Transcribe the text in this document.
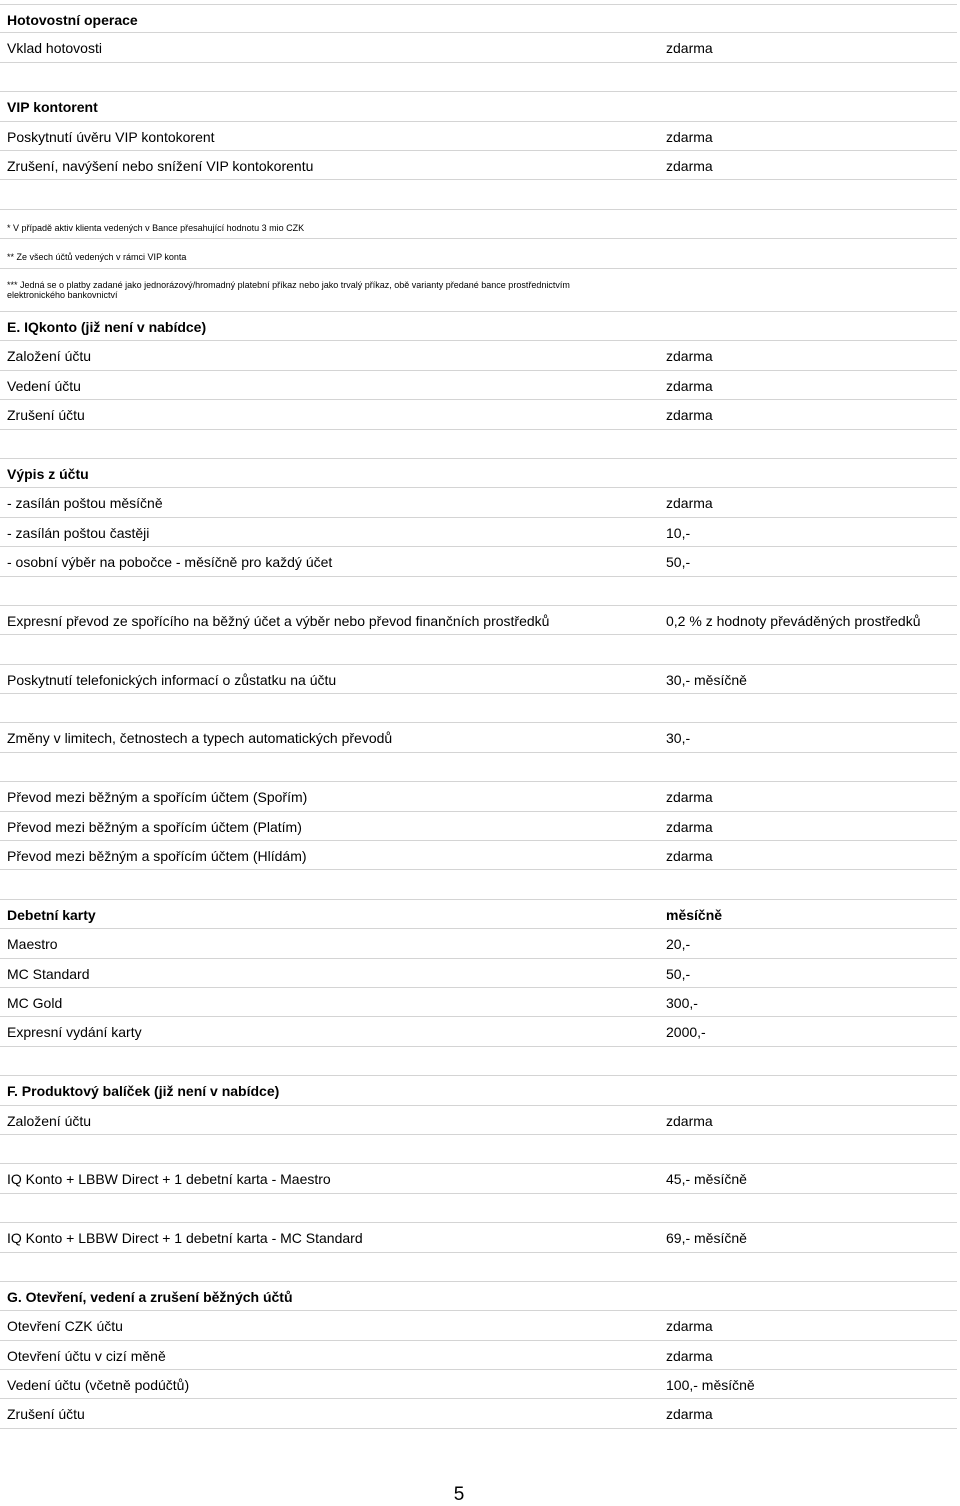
Hotovostní operace
Vklad hotovosti	zdarma
VIP kontorent
Poskytnutí úvěru VIP kontokorent	zdarma
Zrušení, navýšení nebo snížení VIP kontokorentu	zdarma
* V případě aktiv klienta vedených v Bance přesahující hodnotu 3 mio CZK
** Ze všech účtů vedených v rámci VIP konta
*** Jedná se o platby zadané jako jednorázový/hromadný platební příkaz nebo jako trvalý příkaz, obě varianty předané bance prostřednictvím
elektronického bankovnictví
E. IQkonto (již není v nabídce)
Založení účtu	zdarma
Vedení účtu	zdarma
Zrušení účtu	zdarma
Výpis z účtu
- zasílán poštou měsíčně	zdarma
- zasílán poštou častěji	10,-
- osobní výběr na pobočce - měsíčně pro každý účet	50,-
Expresní převod ze spořícího na běžný účet a výběr nebo převod finančních prostředků	0,2 % z hodnoty převáděných prostředků
Poskytnutí telefonických informací o zůstatku na účtu	30,- měsíčně
Změny v limitech, četnostech a typech automatických převodů	30,-
Převod mezi běžným a spořícím účtem (Spořím)	zdarma
Převod mezi běžným a spořícím účtem (Platím)	zdarma
Převod mezi běžným a spořícím účtem (Hlídám)	zdarma
Debetní karty	měsíčně
Maestro	20,-
MC Standard	50,-
MC Gold	300,-
Expresní vydání karty	2000,-
F. Produktový balíček (již není v nabídce)
Založení účtu	zdarma
IQ Konto + LBBW Direct + 1 debetní karta - Maestro	45,- měsíčně
IQ Konto + LBBW Direct + 1 debetní karta - MC Standard	69,- měsíčně
G. Otevření, vedení a zrušení běžných účtů
Otevření CZK účtu	zdarma
Otevření účtu v cizí měně	zdarma
Vedení účtu (včetně podúčtů)	100,- měsíčně
Zrušení účtu	zdarma
5
